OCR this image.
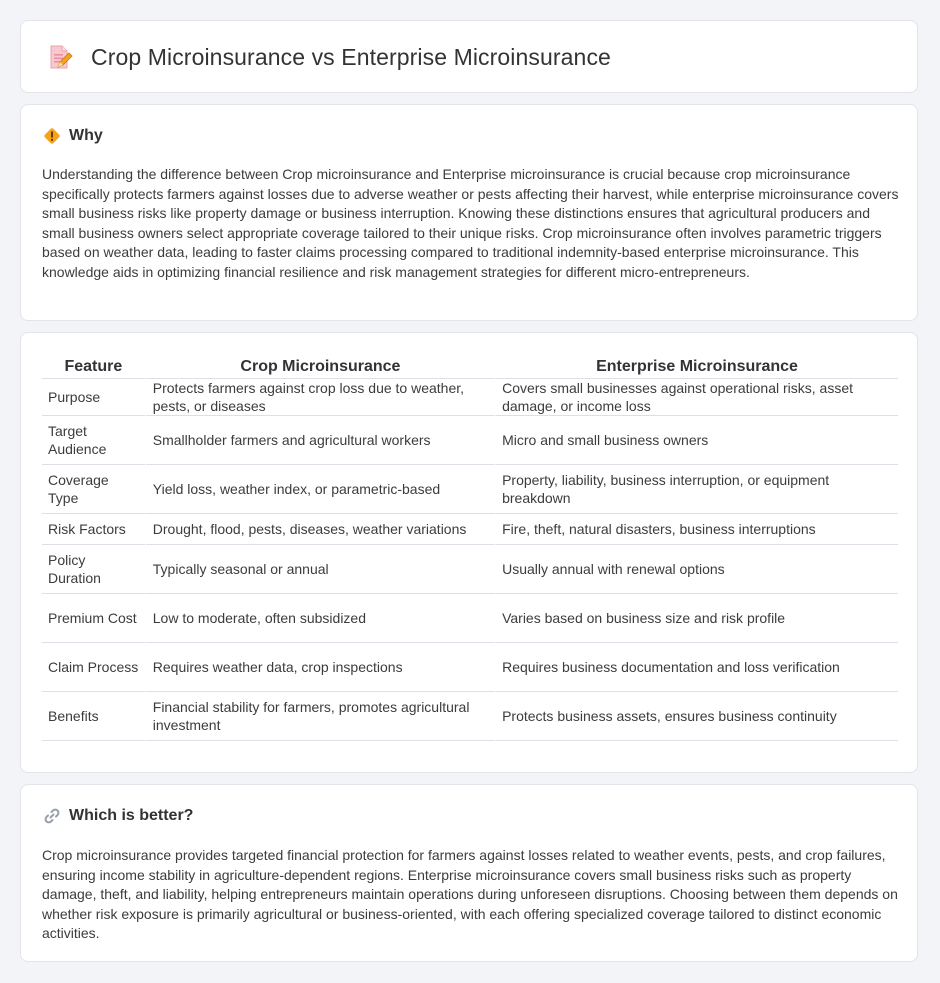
Crop Microinsurance vs Enterprise Microinsurance
Why

Understanding the difference between Crop microinsurance and Enterprise microinsurance is crucial because crop microinsurance specifically protects farmers against losses due to adverse weather or pests affecting their harvest, while enterprise microinsurance covers small business risks like property damage or business interruption. Knowing these distinctions ensures that agricultural producers and small business owners select appropriate coverage tailored to their unique risks. Crop microinsurance often involves parametric triggers based on weather data, leading to faster claims processing compared to traditional indemnity-based enterprise microinsurance. This knowledge aids in optimizing financial resilience and risk management strategies for different micro-entrepreneurs.

Feature	Crop Microinsurance	Enterprise Microinsurance
Purpose	Protects farmers against crop loss due to weather, pests, or diseases	Covers small businesses against operational risks, asset damage, or income loss
Target Audience	Smallholder farmers and agricultural workers	Micro and small business owners
Coverage Type	Yield loss, weather index, or parametric-based	Property, liability, business interruption, or equipment breakdown
Risk Factors	Drought, flood, pests, diseases, weather variations	Fire, theft, natural disasters, business interruptions
Policy Duration	Typically seasonal or annual	Usually annual with renewal options
Premium Cost	Low to moderate, often subsidized	Varies based on business size and risk profile
Claim Process	Requires weather data, crop inspections	Requires business documentation and loss verification
Benefits	Financial stability for farmers, promotes agricultural investment	Protects business assets, ensures business continuity
Which is better?

Crop microinsurance provides targeted financial protection for farmers against losses related to weather events, pests, and crop failures, ensuring income stability in agriculture-dependent regions. Enterprise microinsurance covers small business risks such as property damage, theft, and liability, helping entrepreneurs maintain operations during unforeseen disruptions. Choosing between them depends on whether risk exposure is primarily agricultural or business-oriented, with each offering specialized coverage tailored to distinct economic activities.
